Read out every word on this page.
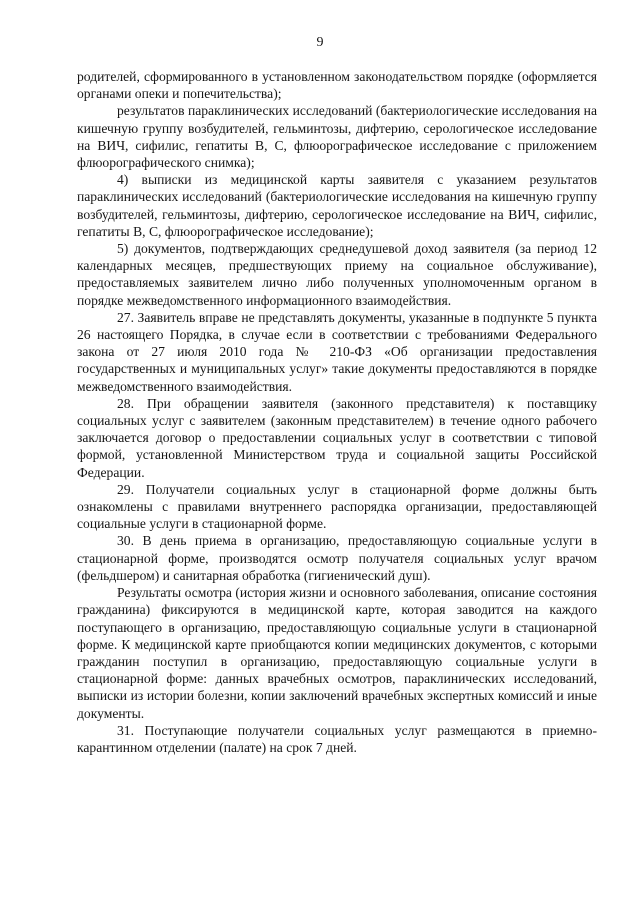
9

родителей, сформированного в установленном законодательством порядке (оформляется органами опеки и попечительства);

результатов параклинических исследований (бактериологические исследования на кишечную группу возбудителей, гельминтозы, дифтерию, серологическое исследование на ВИЧ, сифилис, гепатиты В, С, флюорографическое исследование с приложением флюорографического снимка);

4) выписки из медицинской карты заявителя с указанием результатов параклинических исследований (бактериологические исследования на кишечную группу возбудителей, гельминтозы, дифтерию, серологическое исследование на ВИЧ, сифилис, гепатиты В, С, флюорографическое исследование);

5) документов, подтверждающих среднедушевой доход заявителя (за период 12 календарных месяцев, предшествующих приему на социальное обслуживание), предоставляемых заявителем лично либо полученных уполномоченным органом в порядке межведомственного информационного взаимодействия.

27. Заявитель вправе не представлять документы, указанные в подпункте 5 пункта 26 настоящего Порядка, в случае если в соответствии с требованиями Федерального закона от 27 июля 2010 года № 210-ФЗ «Об организации предоставления государственных и муниципальных услуг» такие документы предоставляются в порядке межведомственного взаимодействия.

28. При обращении заявителя (законного представителя) к поставщику социальных услуг с заявителем (законным представителем) в течение одного рабочего заключается договор о предоставлении социальных услуг в соответствии с типовой формой, установленной Министерством труда и социальной защиты Российской Федерации.

29. Получатели социальных услуг в стационарной форме должны быть ознакомлены с правилами внутреннего распорядка организации, предоставляющей социальные услуги в стационарной форме.

30. В день приема в организацию, предоставляющую социальные услуги в стационарной форме, производятся осмотр получателя социальных услуг врачом (фельдшером) и санитарная обработка (гигиенический душ).

Результаты осмотра (история жизни и основного заболевания, описание состояния гражданина) фиксируются в медицинской карте, которая заводится на каждого поступающего в организацию, предоставляющую социальные услуги в стационарной форме. К медицинской карте приобщаются копии медицинских документов, с которыми гражданин поступил в организацию, предоставляющую социальные услуги в стационарной форме: данных врачебных осмотров, параклинических исследований, выписки из истории болезни, копии заключений врачебных экспертных комиссий и иные документы.

31. Поступающие получатели социальных услуг размещаются в приемно-карантинном отделении (палате) на срок 7 дней.
